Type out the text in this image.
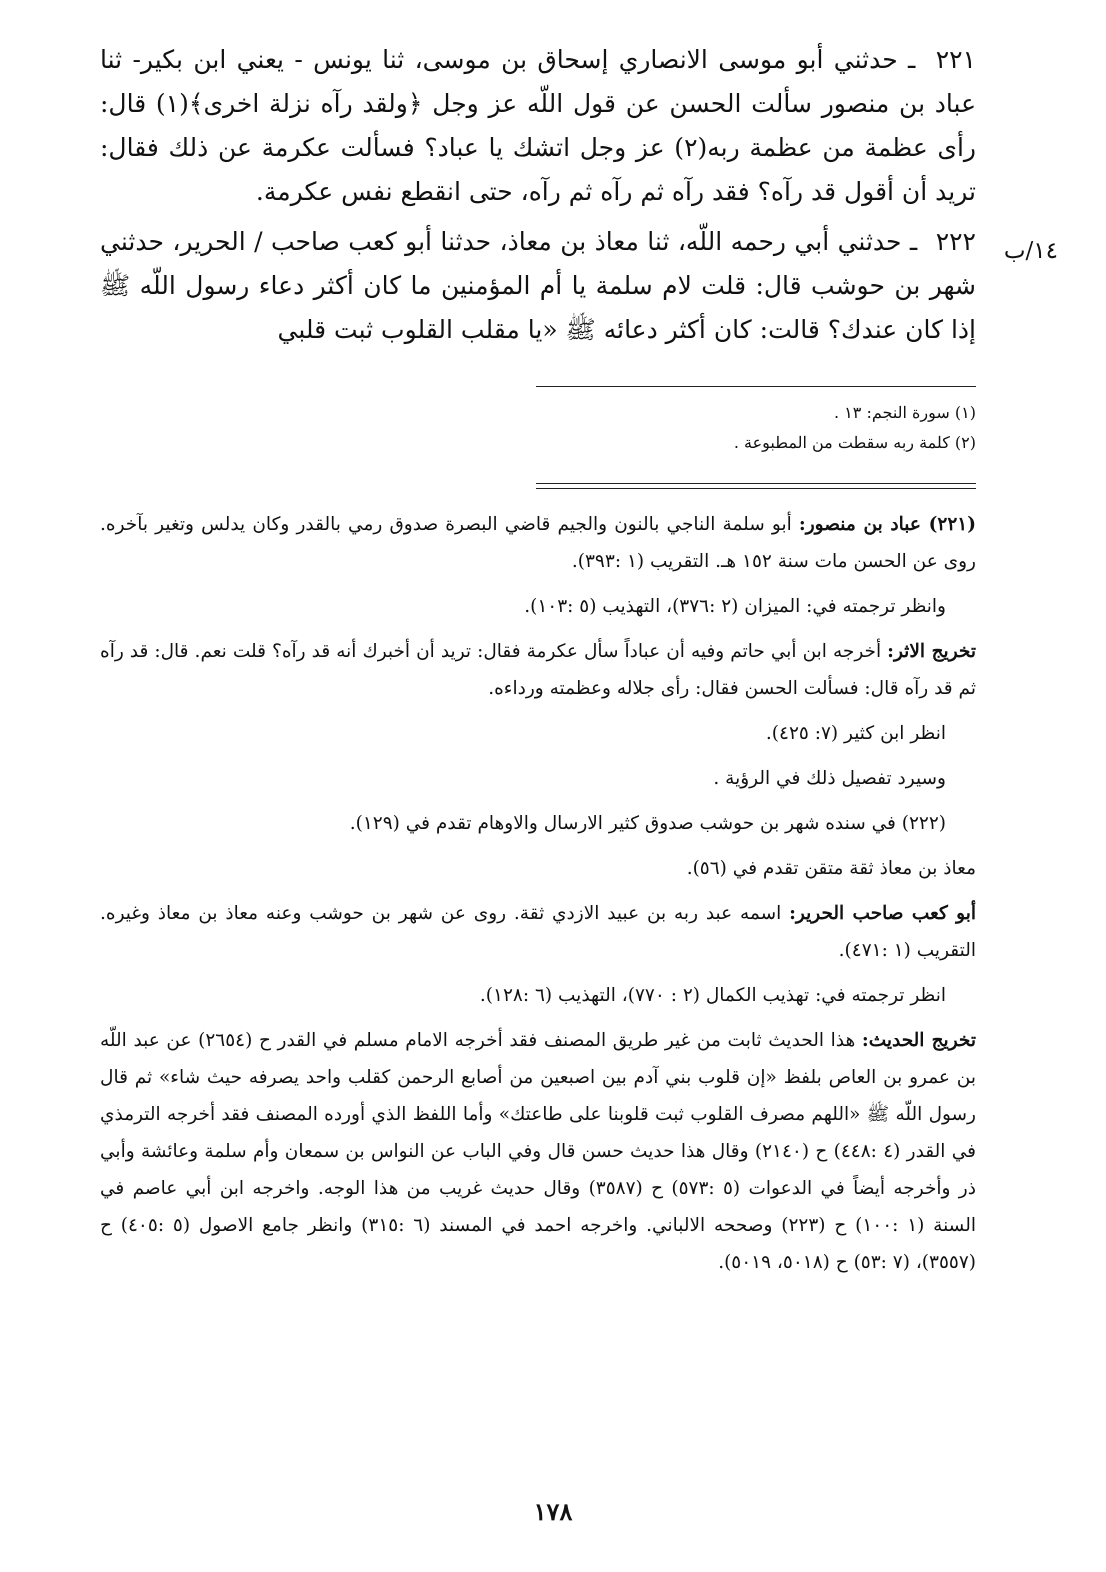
٢٢١ ـ حدثني أبو موسى الانصاري إسحاق بن موسى، ثنا يونس - يعني ابن بكير- ثنا عباد بن منصور سألت الحسن عن قول اللّه عز وجل ﴿ولقد رآه نزلة اخرى﴾(١) قال: رأى عظمة من عظمة ربه(٢) عز وجل اتشك يا عباد؟ فسألت عكرمة عن ذلك فقال: تريد أن أقول قد رآه؟ فقد رآه ثم رآه ثم رآه، حتى انقطع نفس عكرمة.

٢٢٢ ـ حدثني أبي رحمه اللّه، ثنا معاذ بن معاذ، حدثنا أبو كعب صاحب / الحرير، حدثني شهر بن حوشب قال: قلت لام سلمة يا أم المؤمنين ما كان أكثر دعاء رسول اللّه ﷺ إذا كان عندك؟ قالت: كان أكثر دعائه ﷺ «يا مقلب القلوب ثبت قلبي

١٤/ب
(١) سورة النجم: ١٣ .
(٢) كلمة ربه سقطت من المطبوعة .

(٢٢١) عباد بن منصور: أبو سلمة الناجي بالنون والجيم قاضي البصرة صدوق رمي بالقدر وكان يدلس وتغير بآخره. روى عن الحسن مات سنة ١٥٢ هـ. التقريب (١ :٣٩٣).

وانظر ترجمته في: الميزان (٢ :٣٧٦)، التهذيب (٥ :١٠٣).

تخريج الاثر: أخرجه ابن أبي حاتم وفيه أن عباداً سأل عكرمة فقال: تريد أن أخبرك أنه قد رآه؟ قلت نعم. قال: قد رآه ثم قد رآه قال: فسألت الحسن فقال: رأى جلاله وعظمته ورداءه.

انظر ابن كثير (٧: ٤٢٥).

وسيرد تفصيل ذلك في الرؤية .

(٢٢٢) في سنده شهر بن حوشب صدوق كثير الارسال والاوهام تقدم في (١٢٩).

معاذ بن معاذ ثقة متقن تقدم في (٥٦).

أبو كعب صاحب الحرير: اسمه عبد ربه بن عبيد الازدي ثقة. روى عن شهر بن حوشب وعنه معاذ بن معاذ وغيره. التقريب (١ :٤٧١).

انظر ترجمته في: تهذيب الكمال (٢ : ٧٧٠)، التهذيب (٦ :١٢٨).

تخريج الحديث: هذا الحديث ثابت من غير طريق المصنف فقد أخرجه الامام مسلم في القدر ح (٢٦٥٤) عن عبد اللّه بن عمرو بن العاص بلفظ «إن قلوب بني آدم بين اصبعين من أصابع الرحمن كقلب واحد يصرفه حيث شاء» ثم قال رسول اللّه ﷺ «اللهم مصرف القلوب ثبت قلوبنا على طاعتك» وأما اللفظ الذي أورده المصنف فقد أخرجه الترمذي في القدر (٤ :٤٤٨) ح (٢١٤٠) وقال هذا حديث حسن قال وفي الباب عن النواس بن سمعان وأم سلمة وعائشة وأبي ذر وأخرجه أيضاً في الدعوات (٥ :٥٧٣) ح (٣٥٨٧) وقال حديث غريب من هذا الوجه. واخرجه ابن أبي عاصم في السنة (١ :١٠٠) ح (٢٢٣) وصححه الالباني. واخرجه احمد في المسند (٦ :٣١٥) وانظر جامع الاصول (٥ :٤٠٥) ح (٣٥٥٧)، (٧ :٥٣) ح (٥٠١٨، ٥٠١٩).

١٧٨
